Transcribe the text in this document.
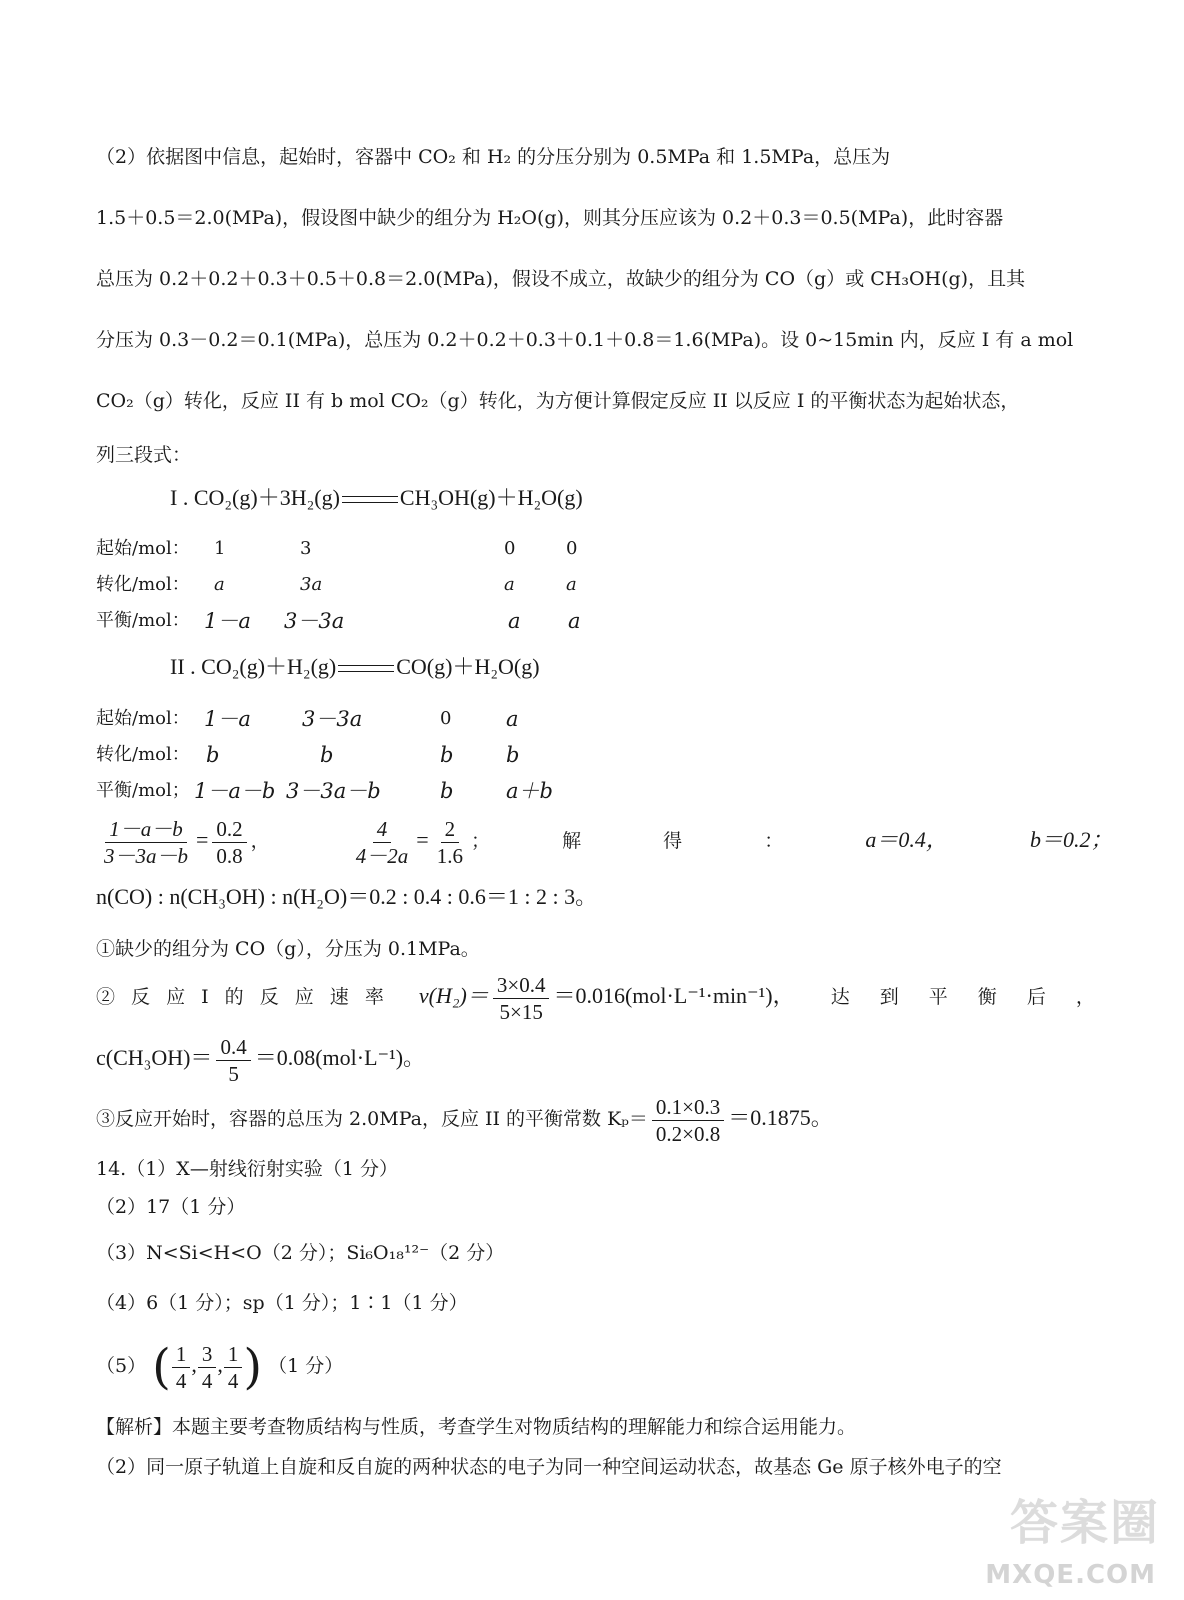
（2）依据图中信息，起始时，容器中 CO₂ 和 H₂ 的分压分别为 0.5MPa 和 1.5MPa，总压为
1.5＋0.5＝2.0(MPa)，假设图中缺少的组分为 H₂O(g)，则其分压应该为 0.2＋0.3＝0.5(MPa)，此时容器
总压为 0.2＋0.2＋0.3＋0.5＋0.8＝2.0(MPa)，假设不成立，故缺少的组分为 CO（g）或 CH₃OH(g)，且其
分压为 0.3－0.2＝0.1(MPa)，总压为 0.2＋0.2＋0.3＋0.1＋0.8＝1.6(MPa)。设 0~15min 内，反应 I 有 a mol
CO₂（g）转化，反应 II 有 b mol CO₂（g）转化，为方便计算假定反应 II 以反应 I 的平衡状态为起始状态，
列三段式：
I . CO₂(g)＋3H₂(g)	CH₃OH(g)＋H₂O(g)
起始/mol： 1	3	0	0
转化/mol： a	3a	a	a
平衡/mol： 1－a 3－3a	a a
II . CO₂(g)＋H₂(g)	CO(g)＋H₂O(g)
起始/mol： 1－a 3－3a	0	a
转化/mol： b	b	b	b
平衡/mol； 1－a－b 3－3a－b	b	a＋b
$\frac{1-a-b}{3-3a-b} = \frac{0.2}{0.8}$ ，	$\frac{4}{4-2a} = \frac{2}{1.6}$ ；	解	得	：	a＝0.4，	b＝0.2；
n(CO) : n(CH₃OH) : n(H₂O)＝0.2 : 0.4 : 0.6＝1 : 2 : 3。
①缺少的组分为 CO（g），分压为 0.1MPa。
② 反 应 I 的 反 应 速 率 $v(H_2)= \frac{3\times 0.4}{5\times 15} =0.016(mol\cdot L^{-1}\cdot\min^{-1})$， 达 到 平 衡 后 ，
$c(CH_3OH)= \frac{0.4}{5} =0.08(mol\cdot L^{-1})$。
③反应开始时，容器的总压为 2.0MPa，反应 II 的平衡常数 $K_p= \frac{0.1\times 0.3}{0.2\times 0.8} =0.1875$。
14.（1）X—射线衍射实验（1 分）
（2）17（1 分）
（3）N<Si<H<O（2 分）；Si₆O₁₈¹²⁻（2 分）
（4）6（1 分）；sp（1 分）；1∶1（1 分）
（5） ( $\frac{1}{4}$ , $\frac{3}{4}$ , $\frac{1}{4}$ ) （1 分）
【解析】本题主要考查物质结构与性质，考查学生对物质结构的理解能力和综合运用能力。
（2）同一原子轨道上自旋和反自旋的两种状态的电子为同一种空间运动状态，故基态 Ge 原子核外电子的空
答案圈
MXQE.COM
